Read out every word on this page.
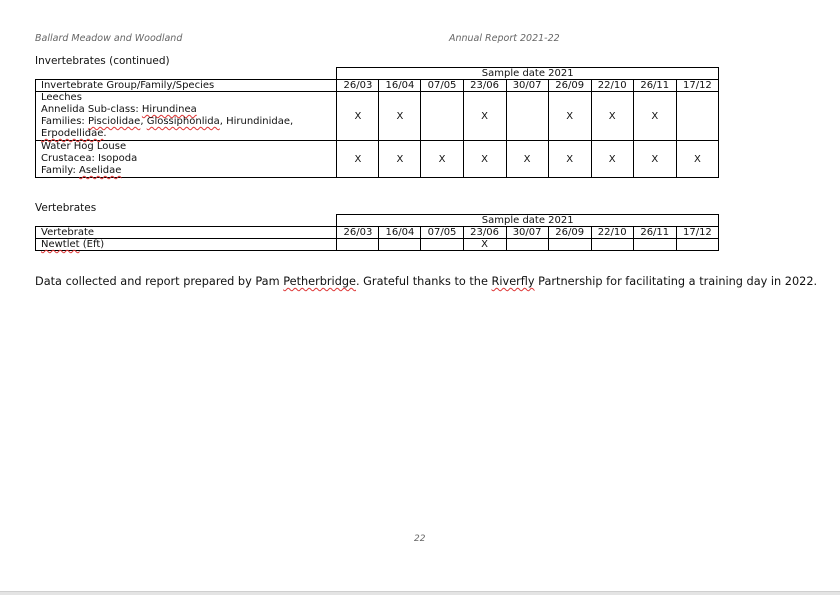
Ballard Meadow and Woodland	Annual Report 2021-22
Invertebrates (continued)
	Sample date 2021								
Invertebrate Group/Family/Species	26/03	16/04	07/05	23/06	30/07	26/09	22/10	26/11	17/12

Leeches
Annelida Sub-class: Hirundinea
Families: Pisciolidae, Glossiphonlida, Hirundinidae,
Erpodellidae.	X	X		X		X	X	X	

Water Hog Louse
Crustacea: Isopoda
Family: Aselidae	X	X	X	X	X	X	X	X	X
Vertebrates
	Sample date 2021								
Vertebrate	26/03	16/04	07/05	23/06	30/07	26/09	22/10	26/11	17/12
Newtlet (Eft)				X					
Data collected and report prepared by Pam Petherbridge. Grateful thanks to the Riverfly Partnership for facilitating a training day in 2022.
22
